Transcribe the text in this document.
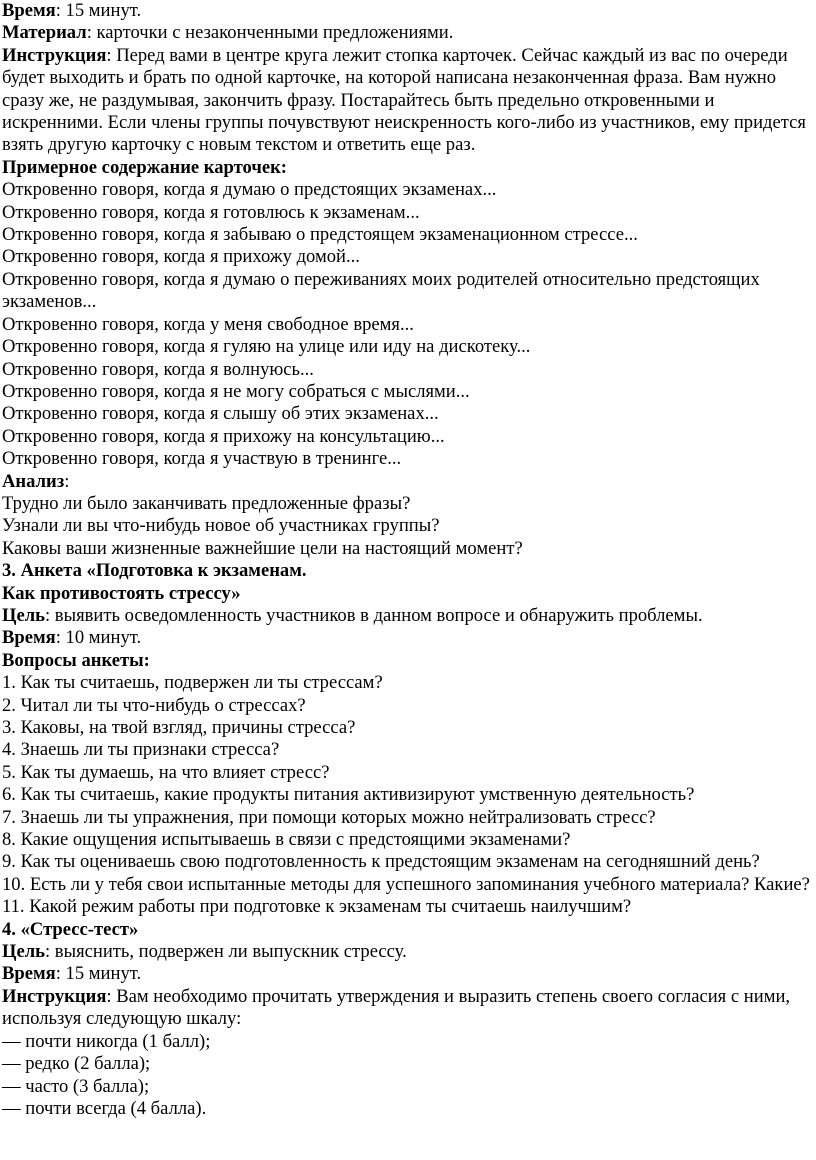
Время: 15 минут.
Материал: карточки с незаконченными предложениями.
Инструкция: Перед вами в центре круга лежит стопка карточек. Сейчас каждый из вас по очереди будет выходить и брать по одной карточке, на которой написана незаконченная фраза. Вам нужно сразу же, не раздумывая, закончить фразу. Постарайтесь быть предельно откровенными и искренними. Если члены группы почувствуют неискренность кого-либо из участников, ему придется взять другую карточку с новым текстом и ответить еще раз.
Примерное содержание карточек:
Откровенно говоря, когда я думаю о предстоящих экзаменах...
Откровенно говоря, когда я готовлюсь к экзаменам...
Откровенно говоря, когда я забываю о предстоящем экзаменационном стрессе...
Откровенно говоря, когда я прихожу домой...
Откровенно говоря, когда я думаю о переживаниях моих родителей относительно предстоящих экзаменов...
Откровенно говоря, когда у меня свободное время...
Откровенно говоря, когда я гуляю на улице или иду на дискотеку...
Откровенно говоря, когда я волнуюсь...
Откровенно говоря, когда я не могу собраться с мыслями...
Откровенно говоря, когда я слышу об этих экзаменах...
Откровенно говоря, когда я прихожу на консультацию...
Откровенно говоря, когда я участвую в тренинге...
Анализ:
Трудно ли было заканчивать предложенные фразы?
Узнали ли вы что-нибудь новое об участниках группы?
Каковы ваши жизненные важнейшие цели на настоящий момент?
3. Анкета «Подготовка к экзаменам.
Как противостоять стрессу»
Цель: выявить осведомленность участников в данном вопросе и обнаружить проблемы.
Время: 10 минут.
Вопросы анкеты:
1. Как ты считаешь, подвержен ли ты стрессам?
2. Читал ли ты что-нибудь о стрессах?
3. Каковы, на твой взгляд, причины стресса?
4. Знаешь ли ты признаки стресса?
5. Как ты думаешь, на что влияет стресс?
6. Как ты считаешь, какие продукты питания активизируют умственную деятельность?
7. Знаешь ли ты упражнения, при помощи которых можно нейтрализовать стресс?
8. Какие ощущения испытываешь в связи с предстоящими экзаменами?
9. Как ты оцениваешь свою подготовленность к предстоящим экзаменам на сегодняшний день?
10. Есть ли у тебя свои испытанные методы для успешного запоминания учебного материала? Какие?
11. Какой режим работы при подготовке к экзаменам ты считаешь наилучшим?
4. «Стресс-тест»
Цель: выяснить, подвержен ли выпускник стрессу.
Время: 15 минут.
Инструкция: Вам необходимо прочитать утверждения и выразить степень своего согласия с ними, используя следующую шкалу:
— почти никогда (1 балл);
— редко (2 балла);
— часто (3 балла);
— почти всегда (4 балла).
